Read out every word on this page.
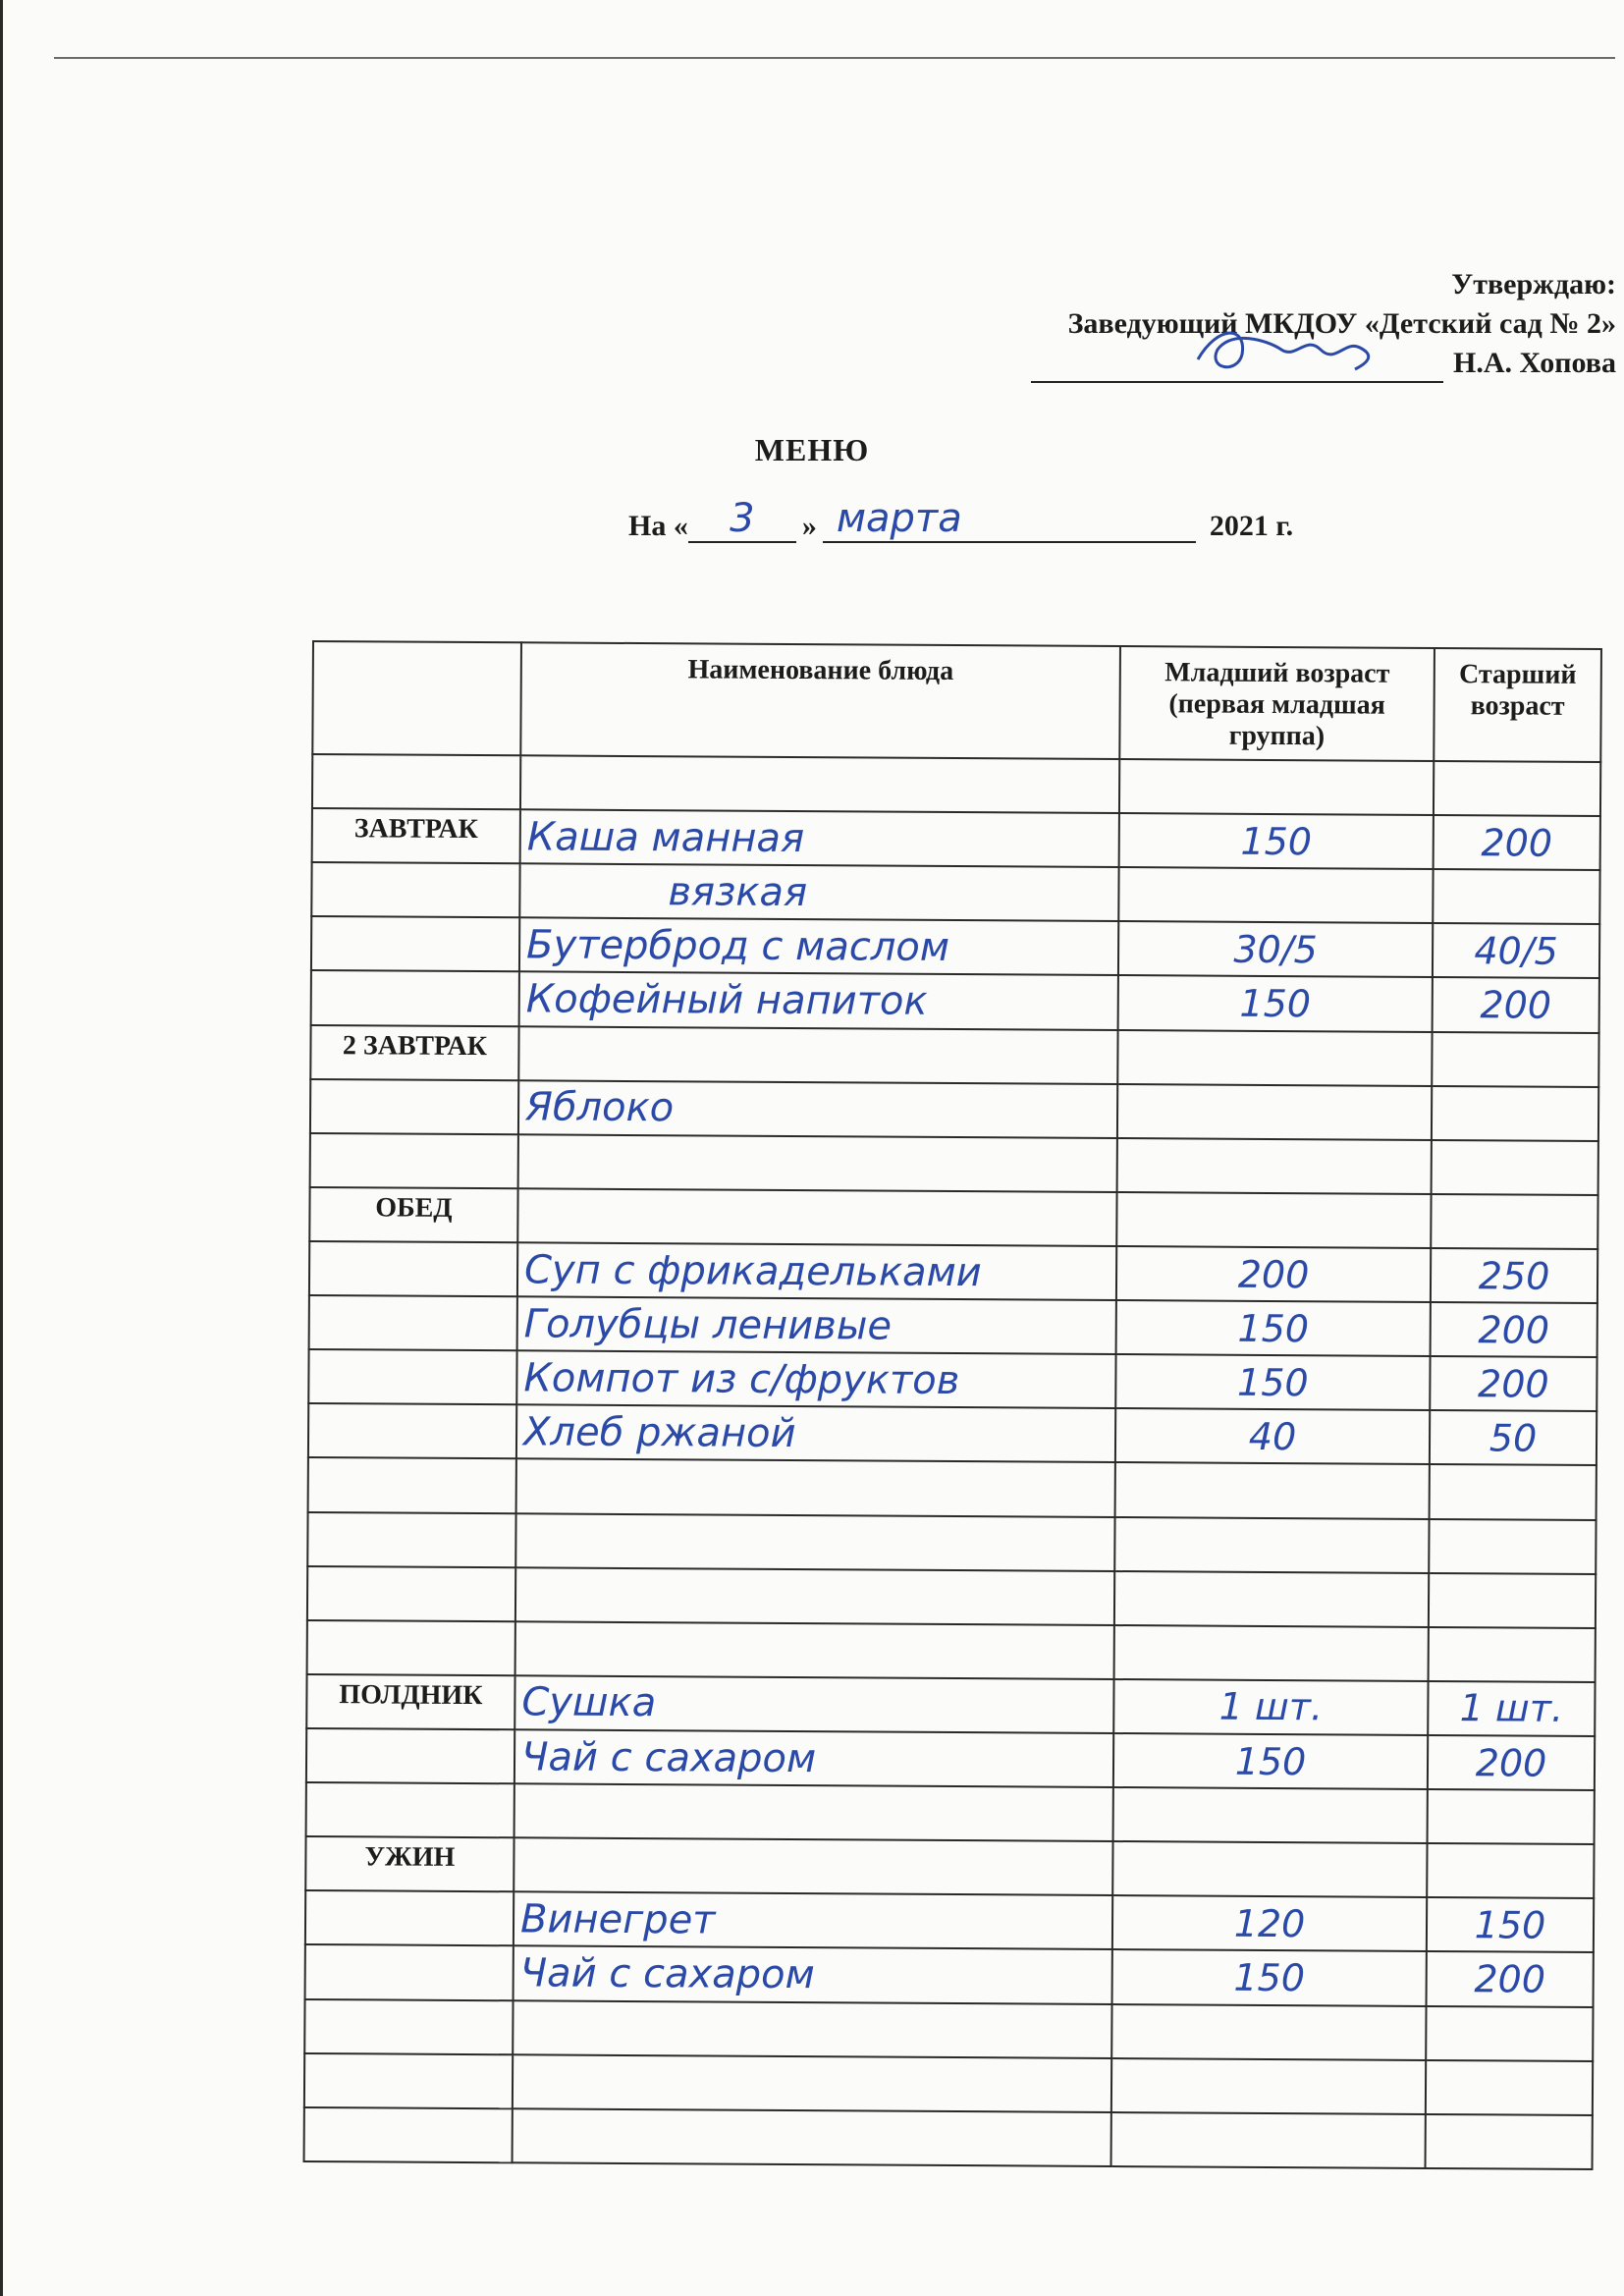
Утверждаю:
Заведующий МКДОУ «Детский сад № 2»
Н.А. Хопова
МЕНЮ
На «	3	» марта	2021 г.
	Наименование блюда	Младший возраст (первая младшая группа)	Старший возраст

ЗАВТРАК	Каша манная	150	200
	вязкая		
	Бутерброд с маслом	30/5	40/5
	Кофейный напиток	150	200
2 ЗАВТРАК			
	Яблоко		

ОБЕД			
	Суп с фрикадельками	200	250
	Голубцы ленивые	150	200
	Компот из с/фруктов	150	200
	Хлеб ржаной	40	50

ПОЛДНИК	Сушка	1 шт.	1 шт.
	Чай с сахаром	150	200

УЖИН			
	Винегрет	120	150
	Чай с сахаром	150	200
